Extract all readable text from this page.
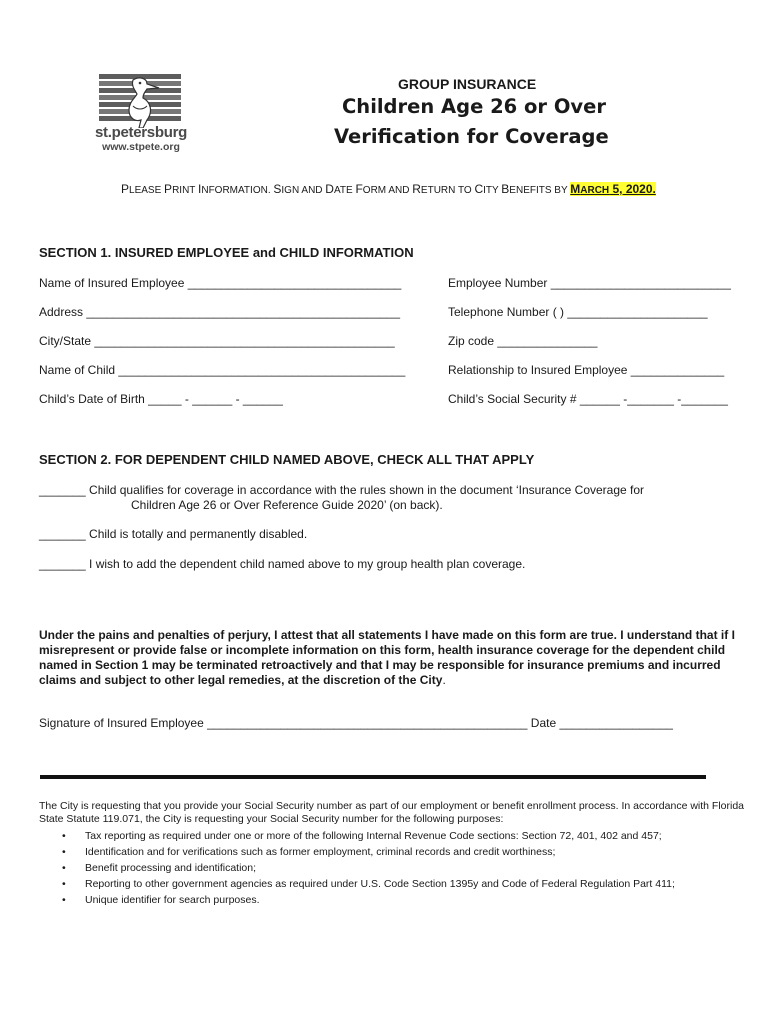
st.petersburg
www.stpete.org
GROUP INSURANCE
Children Age 26 or Over
Verification for Coverage
PLEASE PRINT INFORMATION. SIGN AND DATE FORM AND RETURN TO CITY BENEFITS BY MARCH 5, 2020.
SECTION 1. INSURED EMPLOYEE and CHILD INFORMATION
Name of Insured Employee ________________________________	Employee Number ___________________________
Address _______________________________________________	Telephone Number ( ) _____________________
City/State _____________________________________________	Zip code _______________
Name of Child ___________________________________________	Relationship to Insured Employee ______________
Child’s Date of Birth _____ - ______ - ______	Child’s Social Security # ______ -_______ -_______
SECTION 2. FOR DEPENDENT CHILD NAMED ABOVE, CHECK ALL THAT APPLY
_______ Child qualifies for coverage in accordance with the rules shown in the document ‘Insurance Coverage for
Children Age 26 or Over Reference Guide 2020’ (on back).
_______ Child is totally and permanently disabled.
_______ I wish to add the dependent child named above to my group health plan coverage.
Under the pains and penalties of perjury, I attest that all statements I have made on this form are true. I understand that if I misrepresent or provide false or incomplete information on this form, health insurance coverage for the dependent child named in Section 1 may be terminated retroactively and that I may be responsible for insurance premiums and incurred claims and subject to other legal remedies, at the discretion of the City.
Signature of Insured Employee ________________________________________________ Date _________________
The City is requesting that you provide your Social Security number as part of our employment or benefit enrollment process. In accordance with Florida State Statute 119.071, the City is requesting your Social Security number for the following purposes:
• Tax reporting as required under one or more of the following Internal Revenue Code sections: Section 72, 401, 402 and 457;
• Identification and for verifications such as former employment, criminal records and credit worthiness;
• Benefit processing and identification;
• Reporting to other government agencies as required under U.S. Code Section 1395y and Code of Federal Regulation Part 411;
• Unique identifier for search purposes.
